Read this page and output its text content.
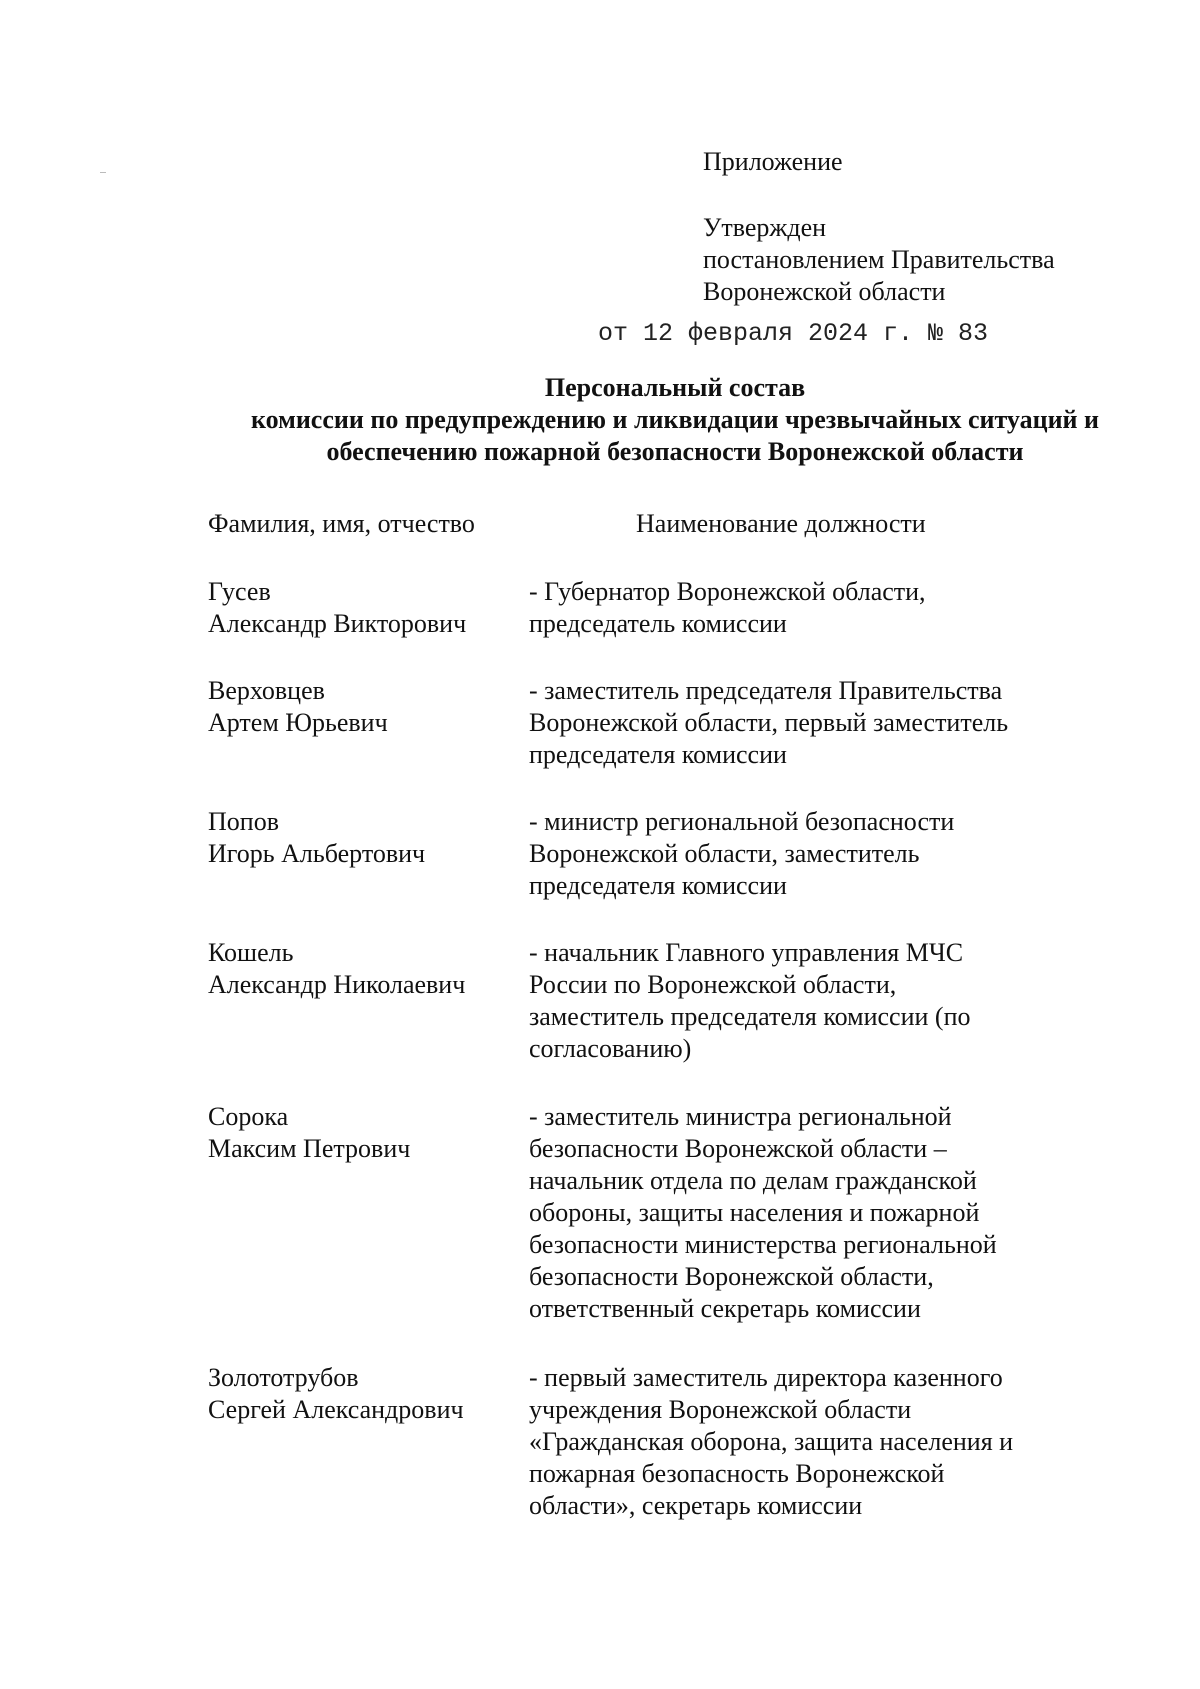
Приложение
Утвержден
постановлением Правительства
Воронежской области
от 12 февраля 2024 г. № 83
Персональный состав
комиссии по предупреждению и ликвидации чрезвычайных ситуаций и
обеспечению пожарной безопасности Воронежской области
Фамилия, имя, отчество	Наименование должности
Гусев
Александр Викторович
- Губернатор Воронежской области,
председатель комиссии
Верховцев
Артем Юрьевич
- заместитель председателя Правительства
Воронежской области, первый заместитель
председателя комиссии
Попов
Игорь Альбертович
- министр региональной безопасности
Воронежской области, заместитель
председателя комиссии
Кошель
Александр Николаевич
- начальник Главного управления МЧС
России по Воронежской области,
заместитель председателя комиссии (по
согласованию)
Сорока
Максим Петрович
- заместитель министра региональной
безопасности Воронежской области –
начальник отдела по делам гражданской
обороны, защиты населения и пожарной
безопасности министерства региональной
безопасности Воронежской области,
ответственный секретарь комиссии
Золототрубов
Сергей Александрович
- первый заместитель директора казенного
учреждения Воронежской области
«Гражданская оборона, защита населения и
пожарная безопасность Воронежской
области», секретарь комиссии
